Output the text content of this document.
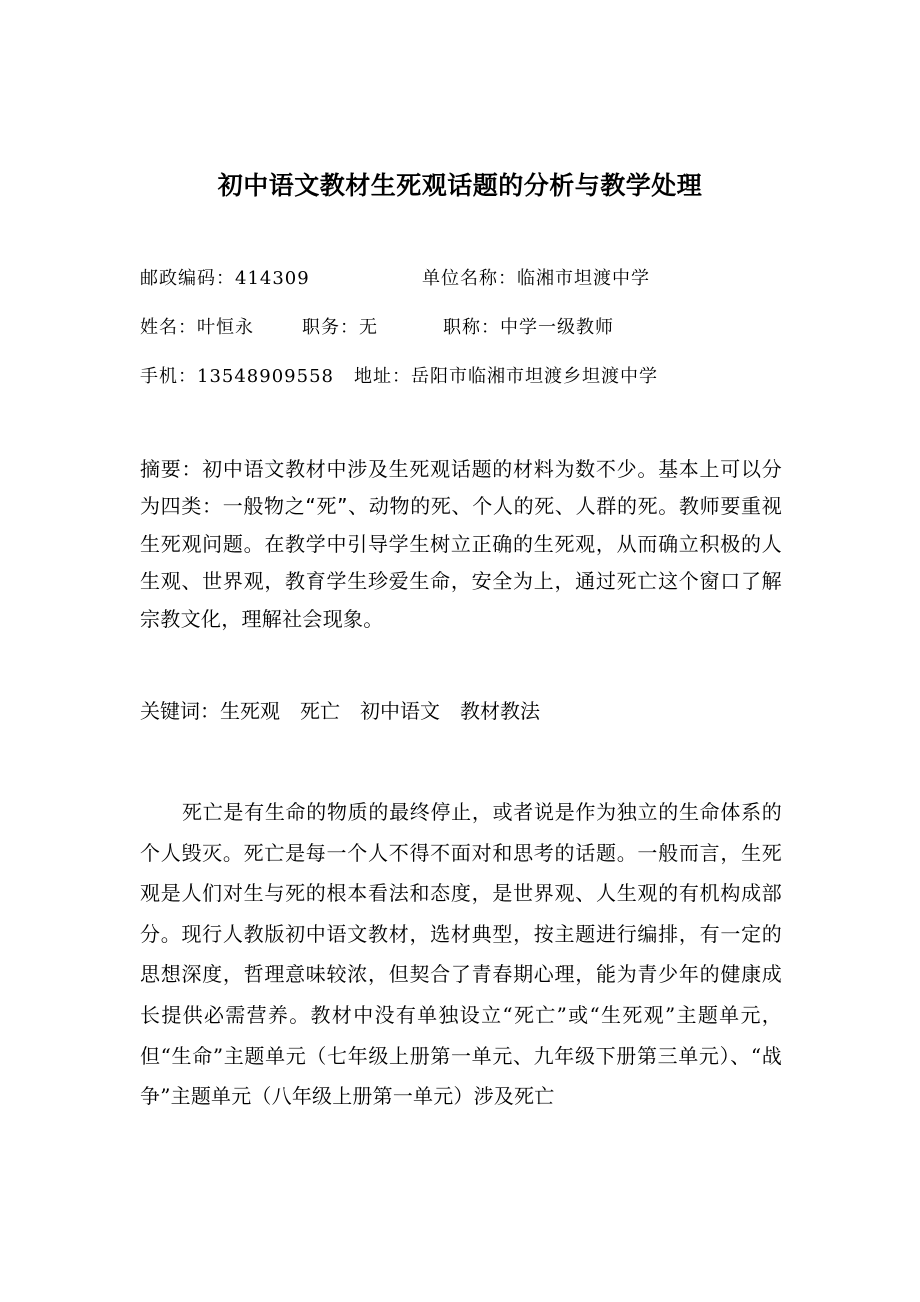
初中语文教材生死观话题的分析与教学处理
邮政编码：414309	单位名称：临湘市坦渡中学
姓名：叶恒永	职务：无	职称：中学一级教师
手机：13548909558 地址：岳阳市临湘市坦渡乡坦渡中学
摘要：初中语文教材中涉及生死观话题的材料为数不少。基本上可以分为四类：一般物之“死”、动物的死、个人的死、人群的死。教师要重视生死观问题。在教学中引导学生树立正确的生死观，从而确立积极的人生观、世界观，教育学生珍爱生命，安全为上，通过死亡这个窗口了解宗教文化，理解社会现象。
关键词：生死观 死亡 初中语文 教材教法
死亡是有生命的物质的最终停止，或者说是作为独立的生命体系的个人毁灭。死亡是每一个人不得不面对和思考的话题。一般而言，生死观是人们对生与死的根本看法和态度，是世界观、人生观的有机构成部分。现行人教版初中语文教材，选材典型，按主题进行编排，有一定的思想深度，哲理意味较浓，但契合了青春期心理，能为青少年的健康成长提供必需营养。教材中没有单独设立“死亡”或“生死观”主题单元，但“生命”主题单元（七年级上册第一单元、九年级下册第三单元）、“战争”主题单元（八年级上册第一单元）涉及死亡
